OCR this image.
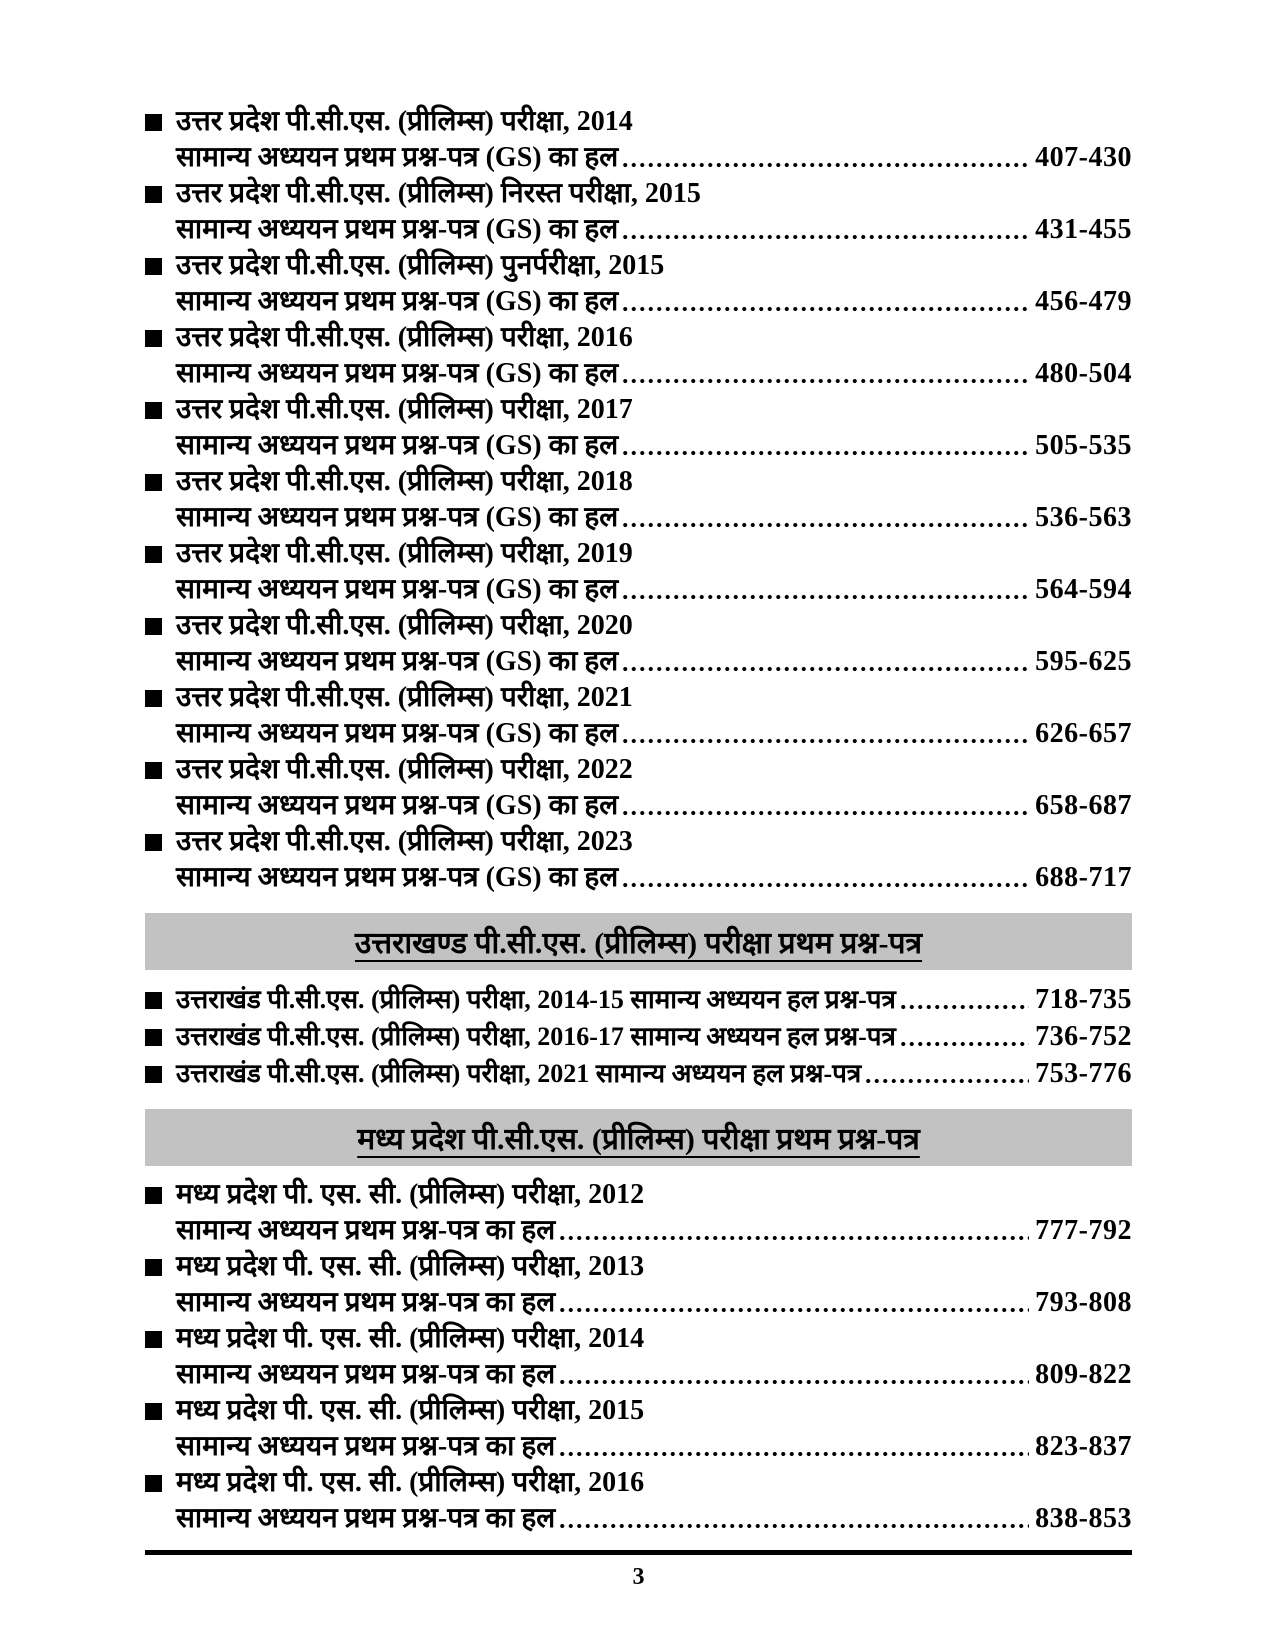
उत्तर प्रदेश पी.सी.एस. (प्रीलिम्स) परीक्षा, 2014
सामान्य अध्ययन प्रथम प्रश्न-पत्र (GS) का हल	407-430
उत्तर प्रदेश पी.सी.एस. (प्रीलिम्स) निरस्त परीक्षा, 2015
सामान्य अध्ययन प्रथम प्रश्न-पत्र (GS) का हल	431-455
उत्तर प्रदेश पी.सी.एस. (प्रीलिम्स) पुनर्परीक्षा, 2015
सामान्य अध्ययन प्रथम प्रश्न-पत्र (GS) का हल	456-479
उत्तर प्रदेश पी.सी.एस. (प्रीलिम्स) परीक्षा, 2016
सामान्य अध्ययन प्रथम प्रश्न-पत्र (GS) का हल	480-504
उत्तर प्रदेश पी.सी.एस. (प्रीलिम्स) परीक्षा, 2017
सामान्य अध्ययन प्रथम प्रश्न-पत्र (GS) का हल	505-535
उत्तर प्रदेश पी.सी.एस. (प्रीलिम्स) परीक्षा, 2018
सामान्य अध्ययन प्रथम प्रश्न-पत्र (GS) का हल	536-563
उत्तर प्रदेश पी.सी.एस. (प्रीलिम्स) परीक्षा, 2019
सामान्य अध्ययन प्रथम प्रश्न-पत्र (GS) का हल	564-594
उत्तर प्रदेश पी.सी.एस. (प्रीलिम्स) परीक्षा, 2020
सामान्य अध्ययन प्रथम प्रश्न-पत्र (GS) का हल	595-625
उत्तर प्रदेश पी.सी.एस. (प्रीलिम्स) परीक्षा, 2021
सामान्य अध्ययन प्रथम प्रश्न-पत्र (GS) का हल	626-657
उत्तर प्रदेश पी.सी.एस. (प्रीलिम्स) परीक्षा, 2022
सामान्य अध्ययन प्रथम प्रश्न-पत्र (GS) का हल	658-687
उत्तर प्रदेश पी.सी.एस. (प्रीलिम्स) परीक्षा, 2023
सामान्य अध्ययन प्रथम प्रश्न-पत्र (GS) का हल	688-717
उत्तराखण्ड पी.सी.एस. (प्रीलिम्स) परीक्षा प्रथम प्रश्न-पत्र
उत्तराखंड पी.सी.एस. (प्रीलिम्स) परीक्षा, 2014-15 सामान्य अध्ययन हल प्रश्न-पत्र	718-735
उत्तराखंड पी.सी.एस. (प्रीलिम्स) परीक्षा, 2016-17 सामान्य अध्ययन हल प्रश्न-पत्र	736-752
उत्तराखंड पी.सी.एस. (प्रीलिम्स) परीक्षा, 2021 सामान्य अध्ययन हल प्रश्न-पत्र	753-776
मध्य प्रदेश पी.सी.एस. (प्रीलिम्स) परीक्षा प्रथम प्रश्न-पत्र
मध्य प्रदेश पी. एस. सी. (प्रीलिम्स) परीक्षा, 2012
सामान्य अध्ययन प्रथम प्रश्न-पत्र का हल	777-792
मध्य प्रदेश पी. एस. सी. (प्रीलिम्स) परीक्षा, 2013
सामान्य अध्ययन प्रथम प्रश्न-पत्र का हल	793-808
मध्य प्रदेश पी. एस. सी. (प्रीलिम्स) परीक्षा, 2014
सामान्य अध्ययन प्रथम प्रश्न-पत्र का हल	809-822
मध्य प्रदेश पी. एस. सी. (प्रीलिम्स) परीक्षा, 2015
सामान्य अध्ययन प्रथम प्रश्न-पत्र का हल	823-837
मध्य प्रदेश पी. एस. सी. (प्रीलिम्स) परीक्षा, 2016
सामान्य अध्ययन प्रथम प्रश्न-पत्र का हल	838-853
3
